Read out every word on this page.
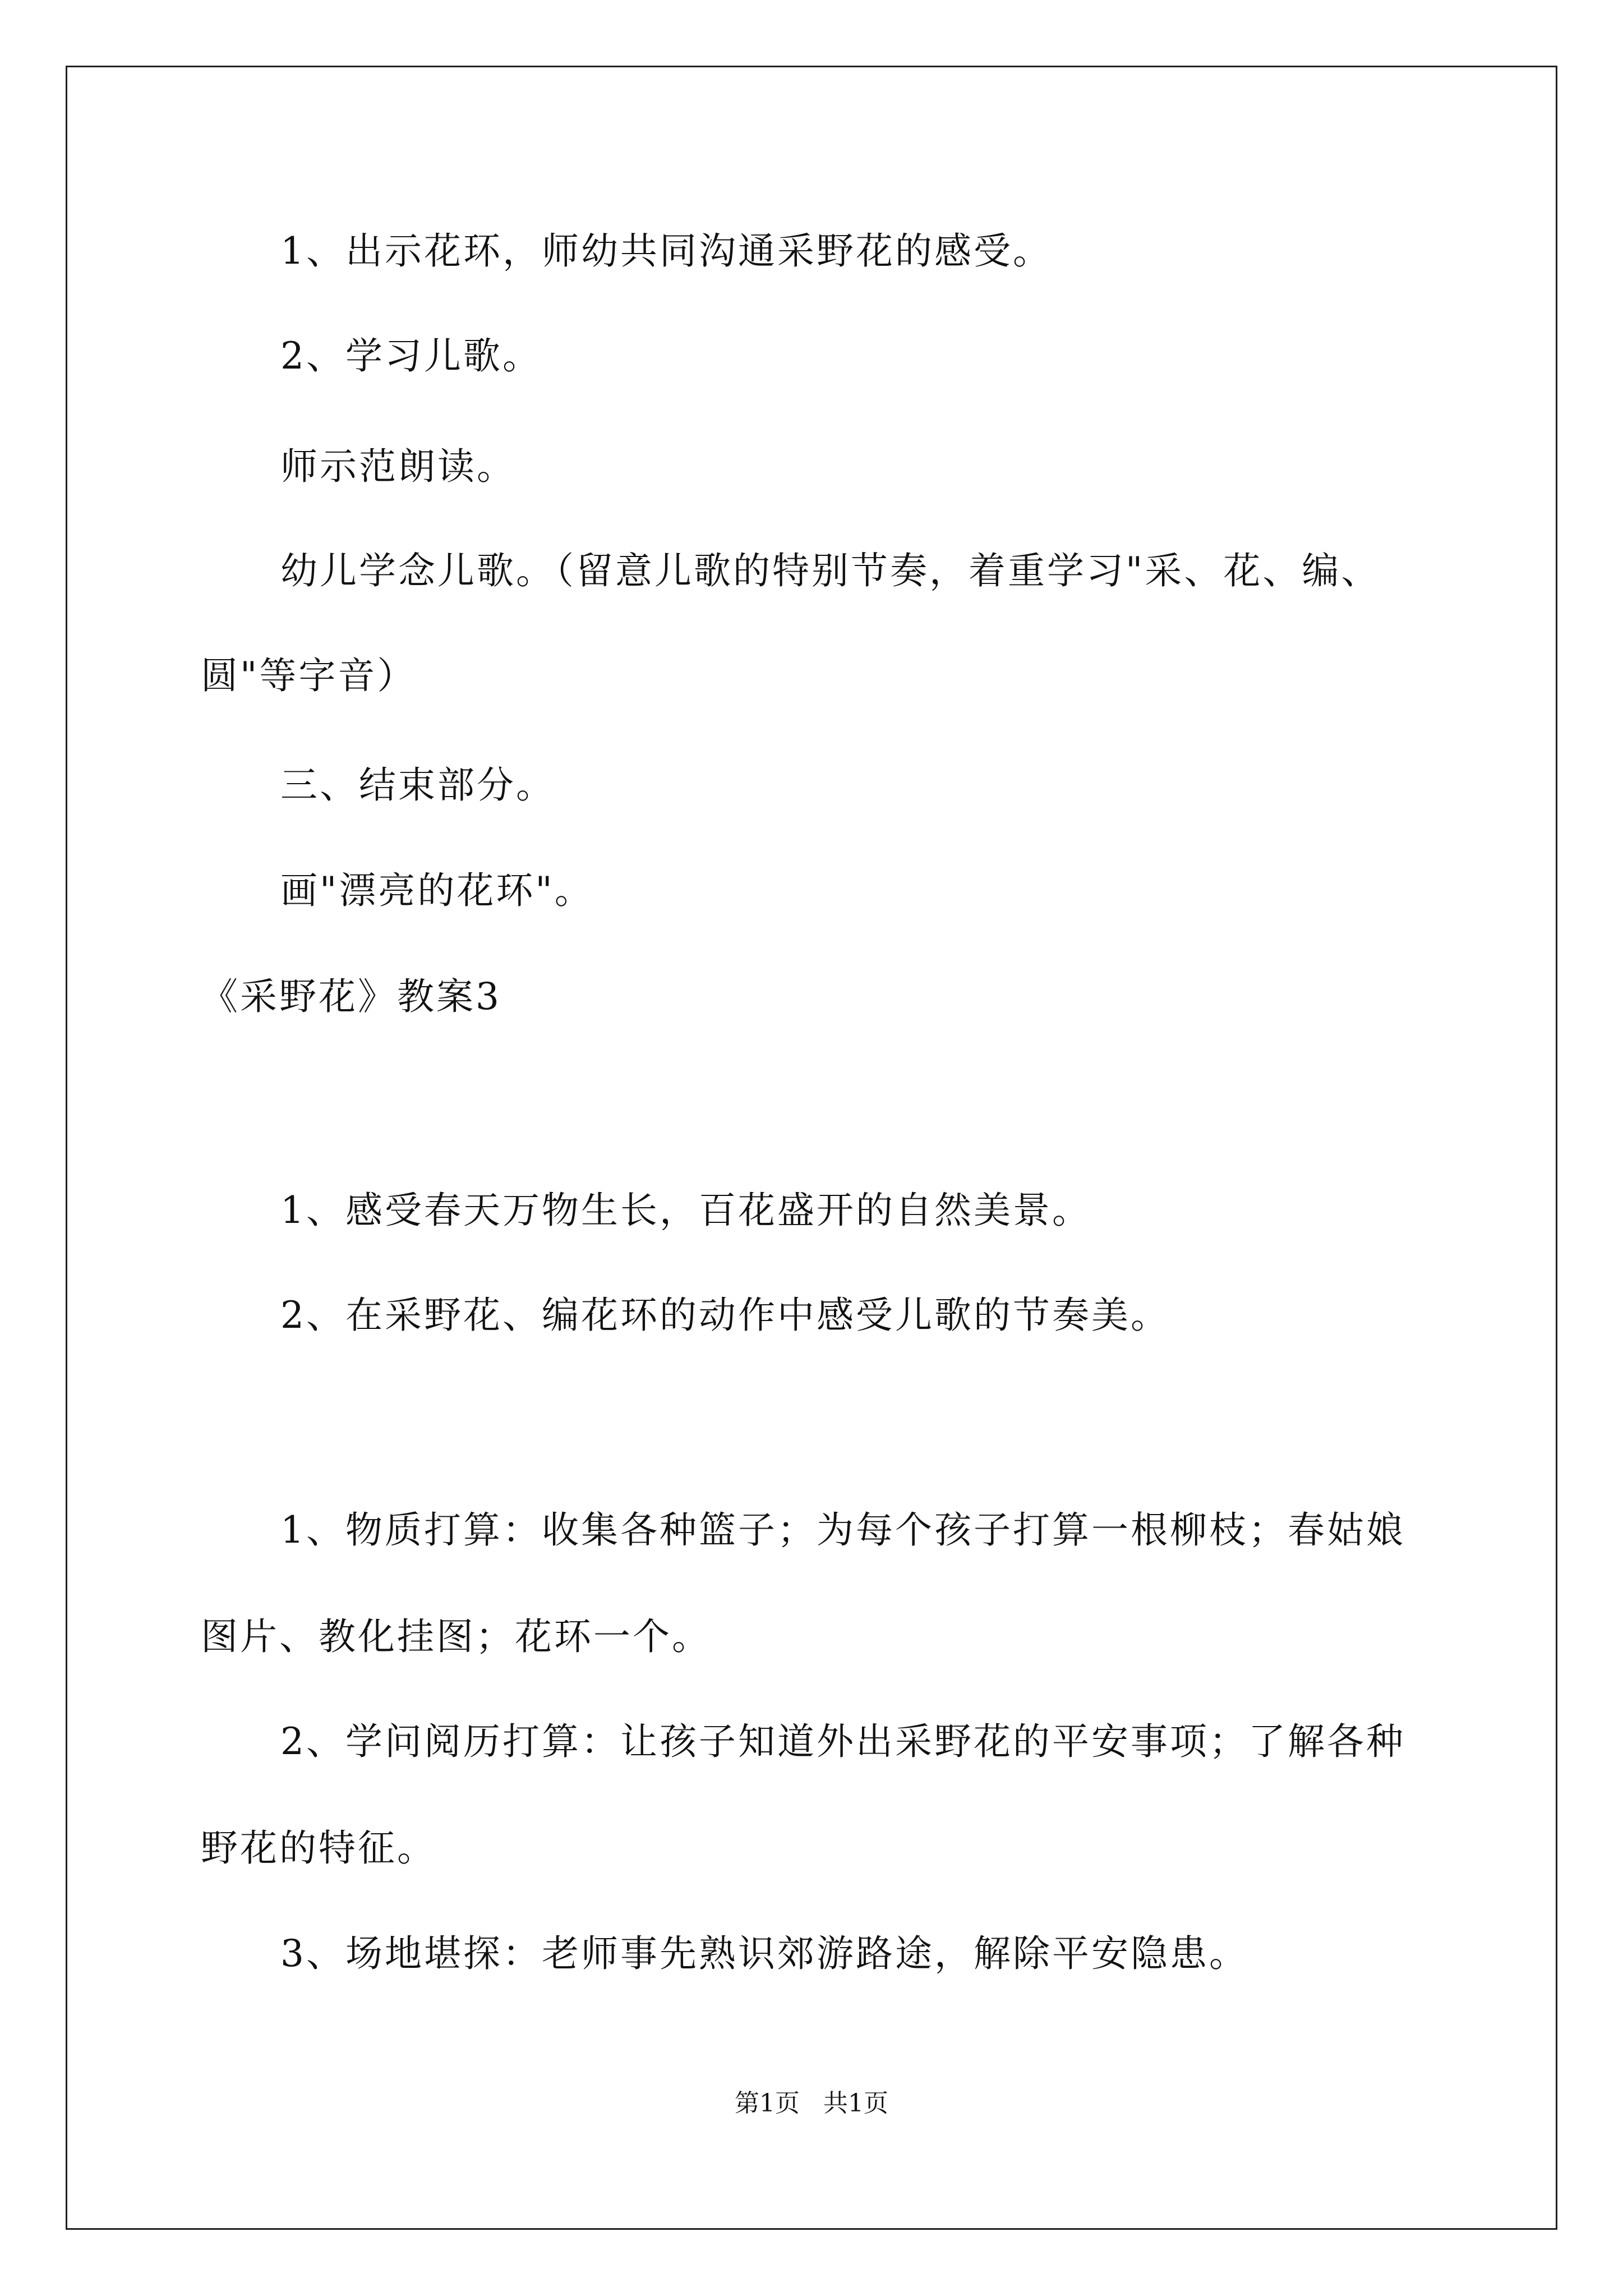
1、出示花环，师幼共同沟通采野花的感受。
2、学习儿歌。
师示范朗读。
幼儿学念儿歌。（留意儿歌的特别节奏，着重学习"采、花、编、
圆"等字音）
三、结束部分。
画"漂亮的花环"。
《采野花》教案3
1、感受春天万物生长，百花盛开的自然美景。
2、在采野花、编花环的动作中感受儿歌的节奏美。
1、物质打算：收集各种篮子；为每个孩子打算一根柳枝；春姑娘
图片、教化挂图；花环一个。
2、学问阅历打算：让孩子知道外出采野花的平安事项；了解各种
野花的特征。
3、场地堪探：老师事先熟识郊游路途，解除平安隐患。
第1页   共1页
